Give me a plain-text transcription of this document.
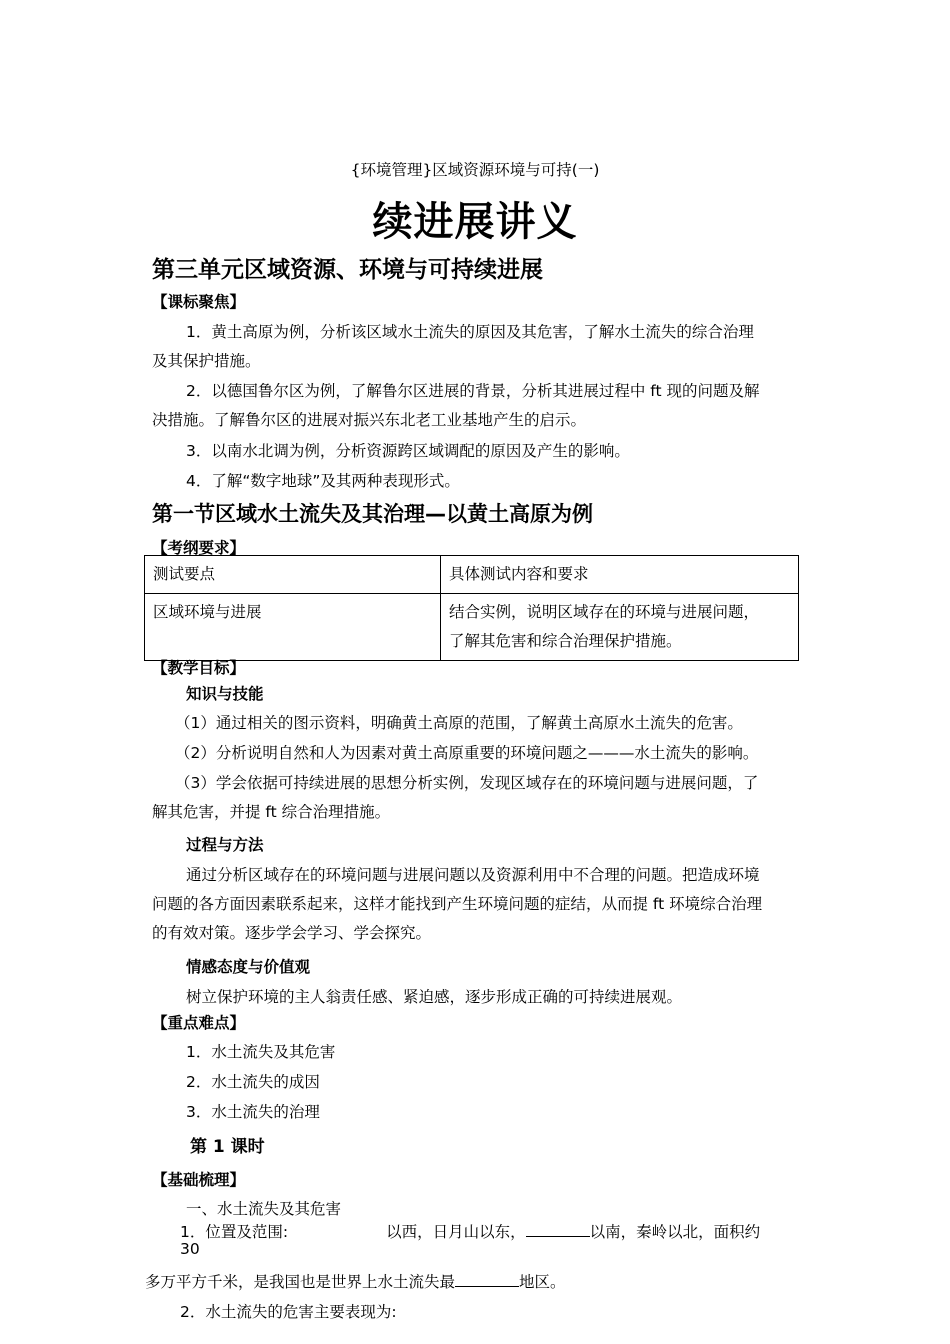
{环境管理}区域资源环境与可持(一)
续进展讲义
第三单元区域资源、环境与可持续进展
【课标聚焦】
1．黄土高原为例，分析该区域水土流失的原因及其危害，了解水土流失的综合治理
及其保护措施。
2．以德国鲁尔区为例，了解鲁尔区进展的背景，分析其进展过程中 ft 现的问题及解
决措施。了解鲁尔区的进展对振兴东北老工业基地产生的启示。
3．以南水北调为例，分析资源跨区域调配的原因及产生的影响。
4．了解“数字地球”及其两种表现形式。
第一节区域水土流失及其治理—以黄土高原为例
【考纲要求】
测试要点	具体测试内容和要求
区域环境与进展	结合实例，说明区域存在的环境与进展问题，
了解其危害和综合治理保护措施。
【教学目标】
知识与技能
（1）通过相关的图示资料，明确黄土高原的范围，了解黄土高原水土流失的危害。
（2）分析说明自然和人为因素对黄土高原重要的环境问题之———水土流失的影响。
（3）学会依据可持续进展的思想分析实例，发现区域存在的环境问题与进展问题，了
解其危害，并提 ft 综合治理措施。
过程与方法
通过分析区域存在的环境问题与进展问题以及资源利用中不合理的问题。把造成环境
问题的各方面因素联系起来，这样才能找到产生环境问题的症结，从而提 ft 环境综合治理
的有效对策。逐步学会学习、学会探究。
情感态度与价值观
树立保护环境的主人翁责任感、紧迫感，逐步形成正确的可持续进展观。
【重点难点】
1．水土流失及其危害
2．水土流失的成因
3．水土流失的治理
第 1 课时
【基础梳理】
一、水土流失及其危害
1．位置及范围:	以西，日月山以东，	以南，秦岭以北，面积约
30
多万平方千米，是我国也是世界上水土流失最	地区。
2．水土流失的危害主要表现为:
